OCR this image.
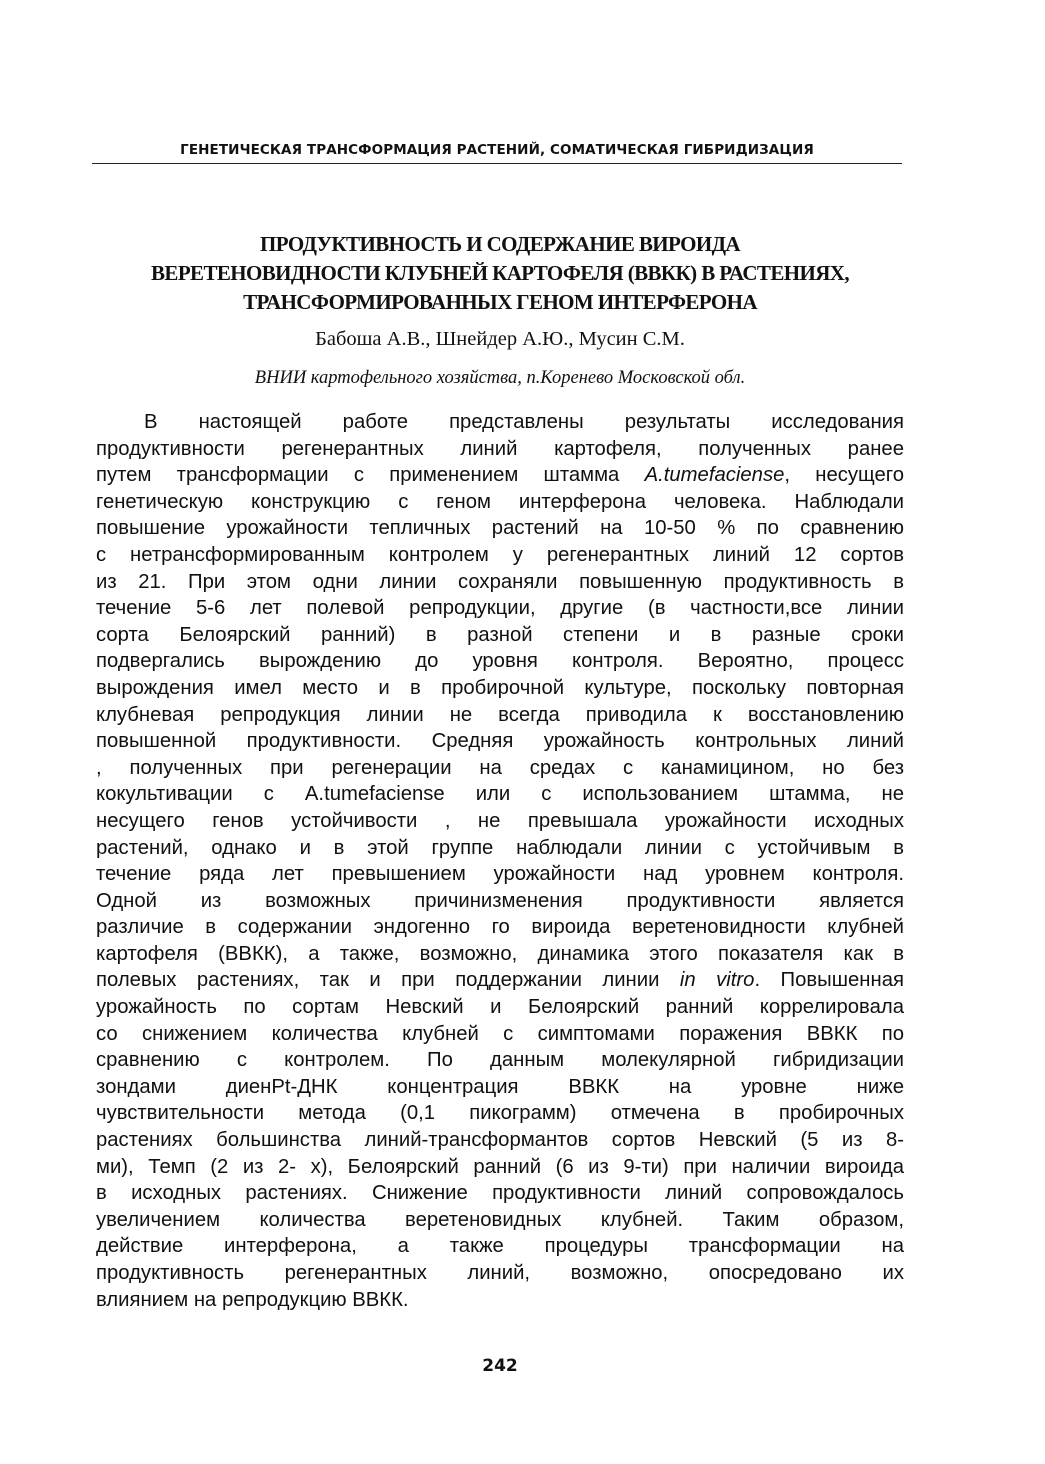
ГЕНЕТИЧЕСКАЯ ТРАНСФОРМАЦИЯ РАСТЕНИЙ, СОМАТИЧЕСКАЯ ГИБРИДИЗАЦИЯ
ПРОДУКТИВНОСТЬ И СОДЕРЖАНИЕ ВИРОИДА
ВЕРЕТЕНОВИДНОСТИ КЛУБНЕЙ КАРТОФЕЛЯ (ВВКК) В РАСТЕНИЯХ,
ТРАНСФОРМИРОВАННЫХ ГЕНОМ ИНТЕРФЕРОНА
Бабоша А.В., Шнейдер А.Ю., Мусин С.М.
ВНИИ картофельного хозяйства, п.Коренево Московской обл.
В настоящей работе представлены результаты исследования
продуктивности регенерантных линий картофеля, полученных ранее
путем трансформации с применением штамма A.tumefaciense, несущего
генетическую конструкцию с геном интерферона человека. Наблюдали
повышение урожайности тепличных растений на 10-50 % по сравнению
с нетрансформированным контролем у регенерантных линий 12 сортов
из 21. При этом одни линии сохраняли повышенную продуктивность в
течение 5-6 лет полевой репродукции, другие (в частности,все линии
сорта Белоярский ранний) в разной степени и в разные сроки
подвергались вырождению до уровня контроля. Вероятно, процесс
вырождения имел место и в пробирочной культуре, поскольку повторная
клубневая репродукция линии не всегда приводила к восстановлению
повышенной продуктивности. Средняя урожайность контрольных линий
, полученных при регенерации на средах с канамицином, но без
кокультивации с A.tumefaciense или с использованием штамма, не
несущего генов устойчивости , не превышала урожайности исходных
растений, однако и в этой группе наблюдали линии с устойчивым в
течение ряда лет превышением урожайности над уровнем контроля.
Одной из возможных причинизменения продуктивности является
различие в содержании эндогенно го вироида веретеновидности клубней
картофеля (ВВКК), а также, возможно, динамика этого показателя как в
полевых растениях, так и при поддержании линии in vitro. Повышенная
урожайность по сортам Невский и Белоярский ранний коррелировала
со снижением количества клубней с симптомами поражения ВВКК по
сравнению с контролем. По данным молекулярной гибридизации
зондами диенPt-ДНК концентрация ВВКК на уровне ниже
чувствительности метода (0,1 пикограмм) отмечена в пробирочных
растениях большинства линий-трансформантов сортов Невский (5 из 8-
ми), Темп (2 из 2- х), Белоярский ранний (6 из 9-ти) при наличии вироида
в исходных растениях. Снижение продуктивности линий сопровождалось
увеличением количества веретеновидных клубней. Таким образом,
действие интерферона, а также процедуры трансформации на
продуктивность регенерантных линий, возможно, опосредовано их
влиянием на репродукцию ВВКК.
242
